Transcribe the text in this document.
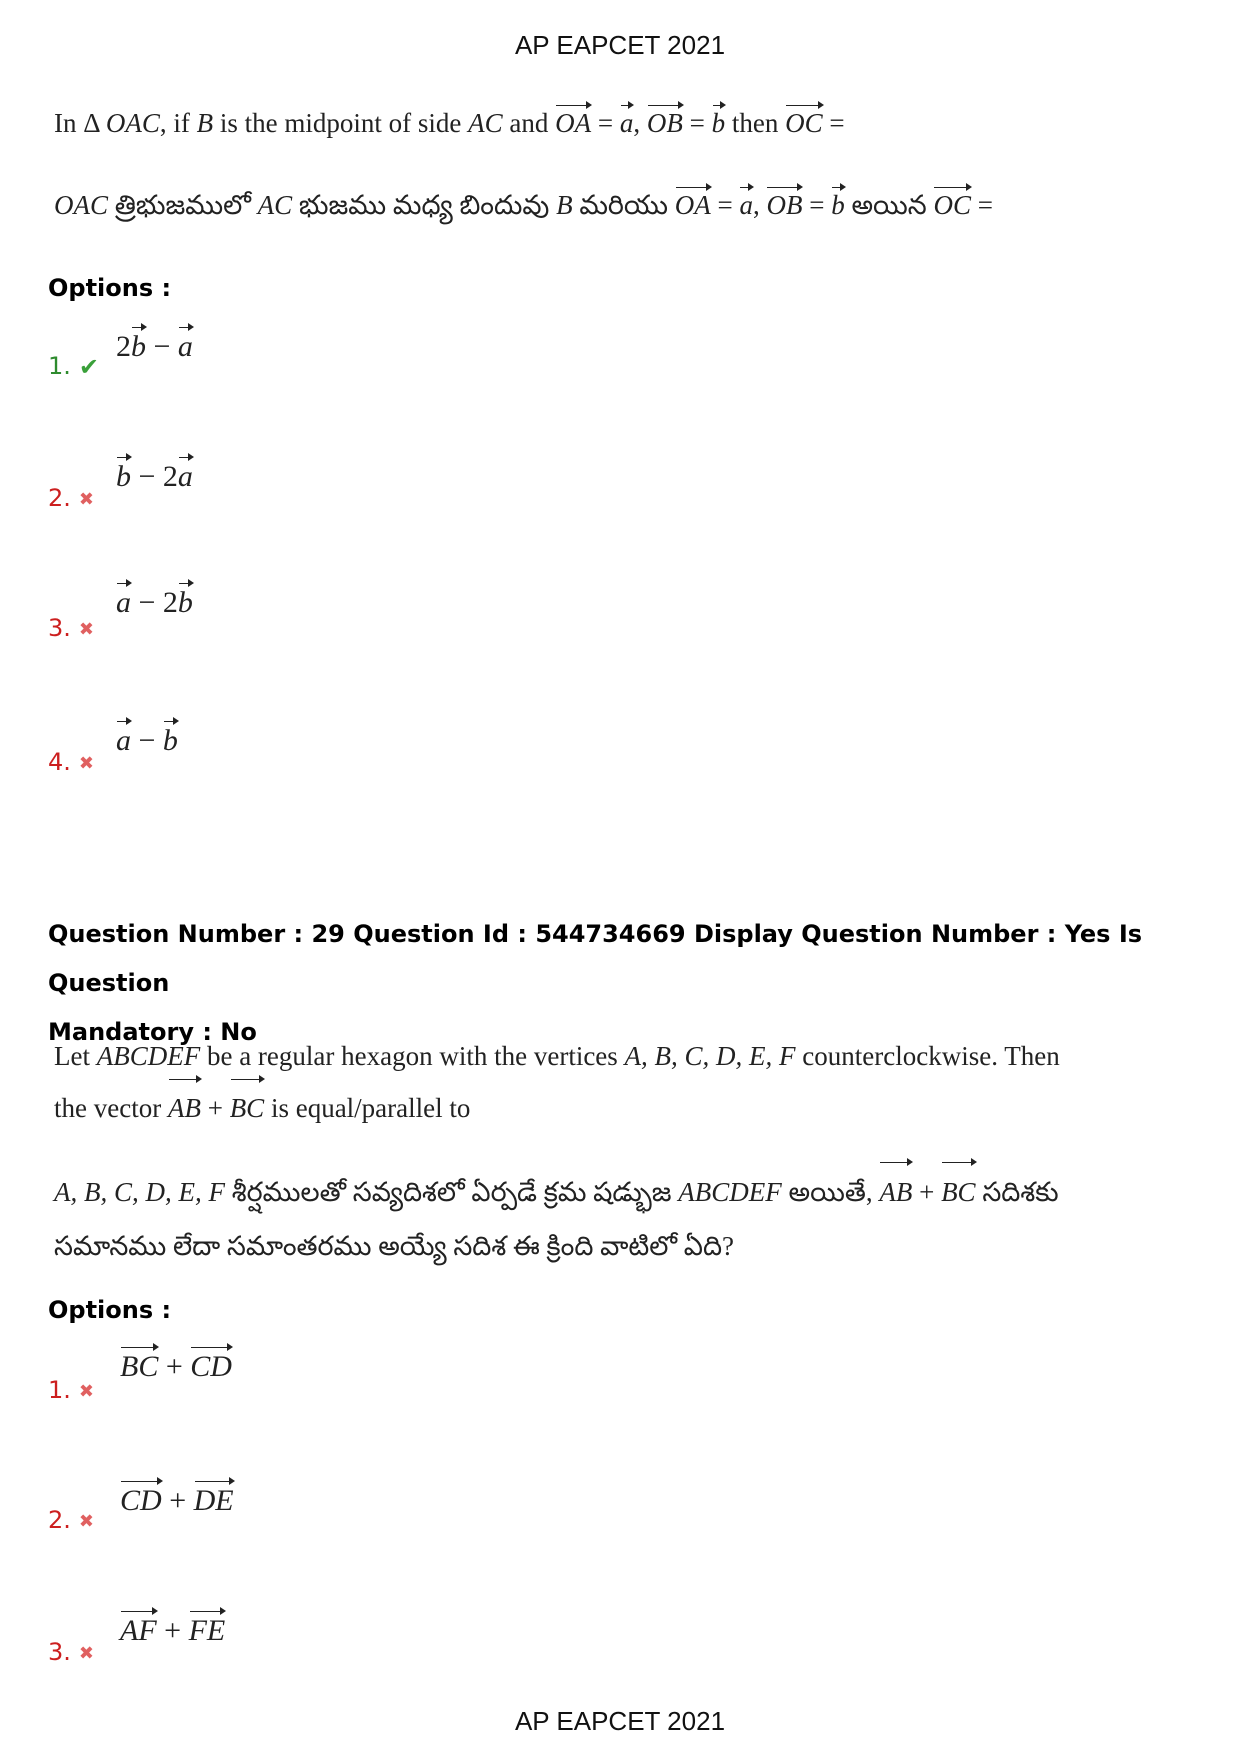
AP EAPCET 2021
In Δ OAC, if B is the midpoint of side AC and OA = a, OB = b then OC =
OAC త్రిభుజములో AC భుజము మధ్య బిందువు B మరియు OA = a, OB = b అయిన OC =
Options :
1. ✔
2b − a
2. ✖
b − 2a
3. ✖
a − 2b
4. ✖
a − b
Question Number : 29 Question Id : 544734669 Display Question Number : Yes Is Question
Mandatory : No
Let ABCDEF be a regular hexagon with the vertices A, B, C, D, E, F counterclockwise. Then
the vector AB + BC is equal/parallel to
A, B, C, D, E, F శీర్షములతో సవ్యదిశలో ఏర్పడే క్రమ షడ్భుజ ABCDEF అయితే, AB + BC సదిశకు
సమానము లేదా సమాంతరము అయ్యే సదిశ ఈ క్రింది వాటిలో ఏది?
Options :
1. ✖
BC + CD
2. ✖
CD + DE
3. ✖
AF + FE
AP EAPCET 2021
